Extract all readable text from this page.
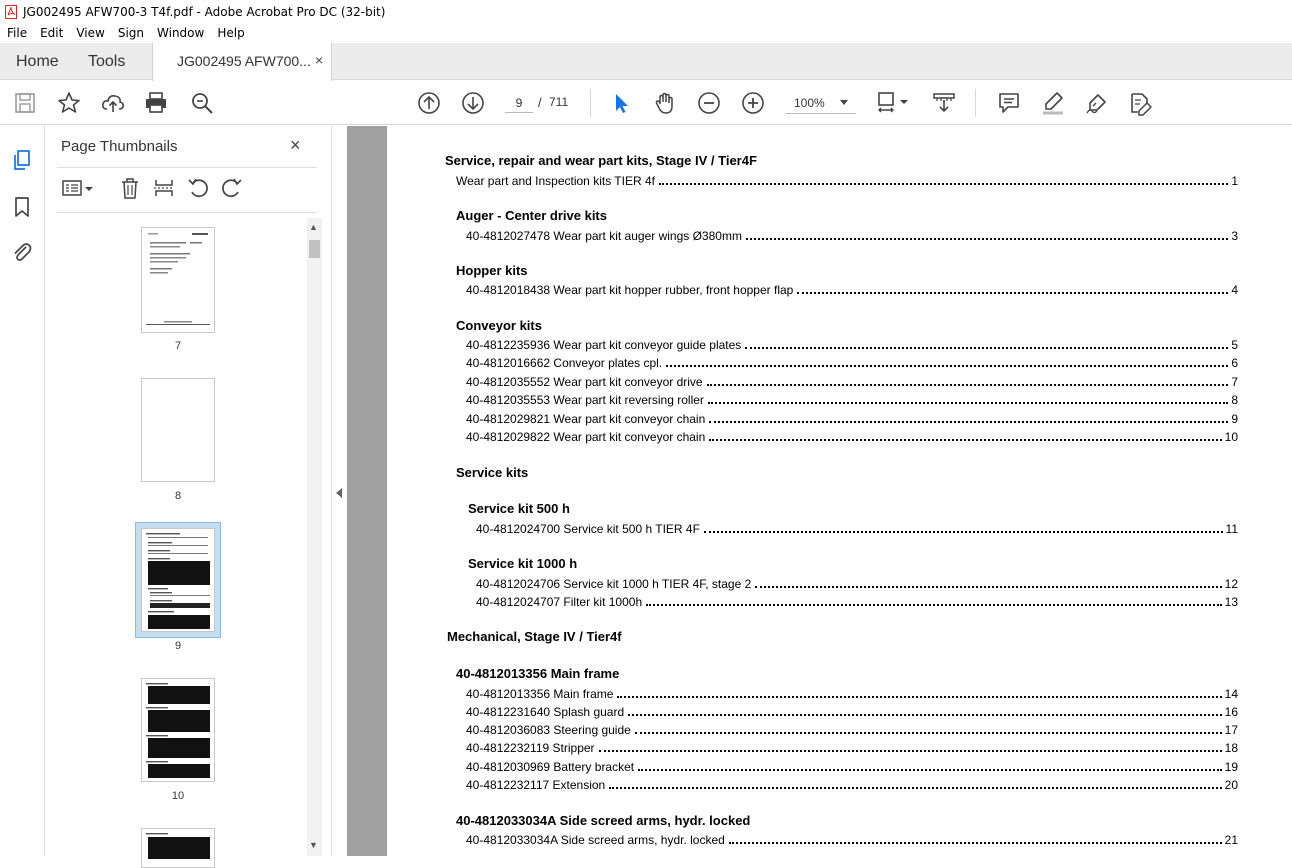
JG002495 AFW700-3 T4f.pdf - Adobe Acrobat Pro DC (32-bit)
File	Edit	View	Sign	Window	Help
Home Tools	JG002495 AFW700... ×
9
/ 711	100%
Page Thumbnails	×
7
8
9
10
▲
▼
Service, repair and wear part kits, Stage IV / Tier4F
Wear part and Inspection kits TIER 4f	1
Auger - Center drive kits
40-4812027478 Wear part kit auger wings Ø380mm	3
Hopper kits
40-4812018438 Wear part kit hopper rubber, front hopper flap	4
Conveyor kits
40-4812235936 Wear part kit conveyor guide plates	5
40-4812016662 Conveyor plates cpl.	6
40-4812035552 Wear part kit conveyor drive	7
40-4812035553 Wear part kit reversing roller	8
40-4812029821 Wear part kit conveyor chain	9
40-4812029822 Wear part kit conveyor chain	10
Service kits
Service kit 500 h
40-4812024700 Service kit 500 h TIER 4F	11
Service kit 1000 h
40-4812024706 Service kit 1000 h TIER 4F, stage 2	12
40-4812024707 Filter kit 1000h	13
Mechanical, Stage IV / Tier4f
40-4812013356 Main frame
40-4812013356 Main frame	14
40-4812231640 Splash guard	16
40-4812036083 Steering guide	17
40-4812232119 Stripper	18
40-4812030969 Battery bracket	19
40-4812232117 Extension	20
40-4812033034A Side screed arms, hydr. locked
40-4812033034A Side screed arms, hydr. locked	21
